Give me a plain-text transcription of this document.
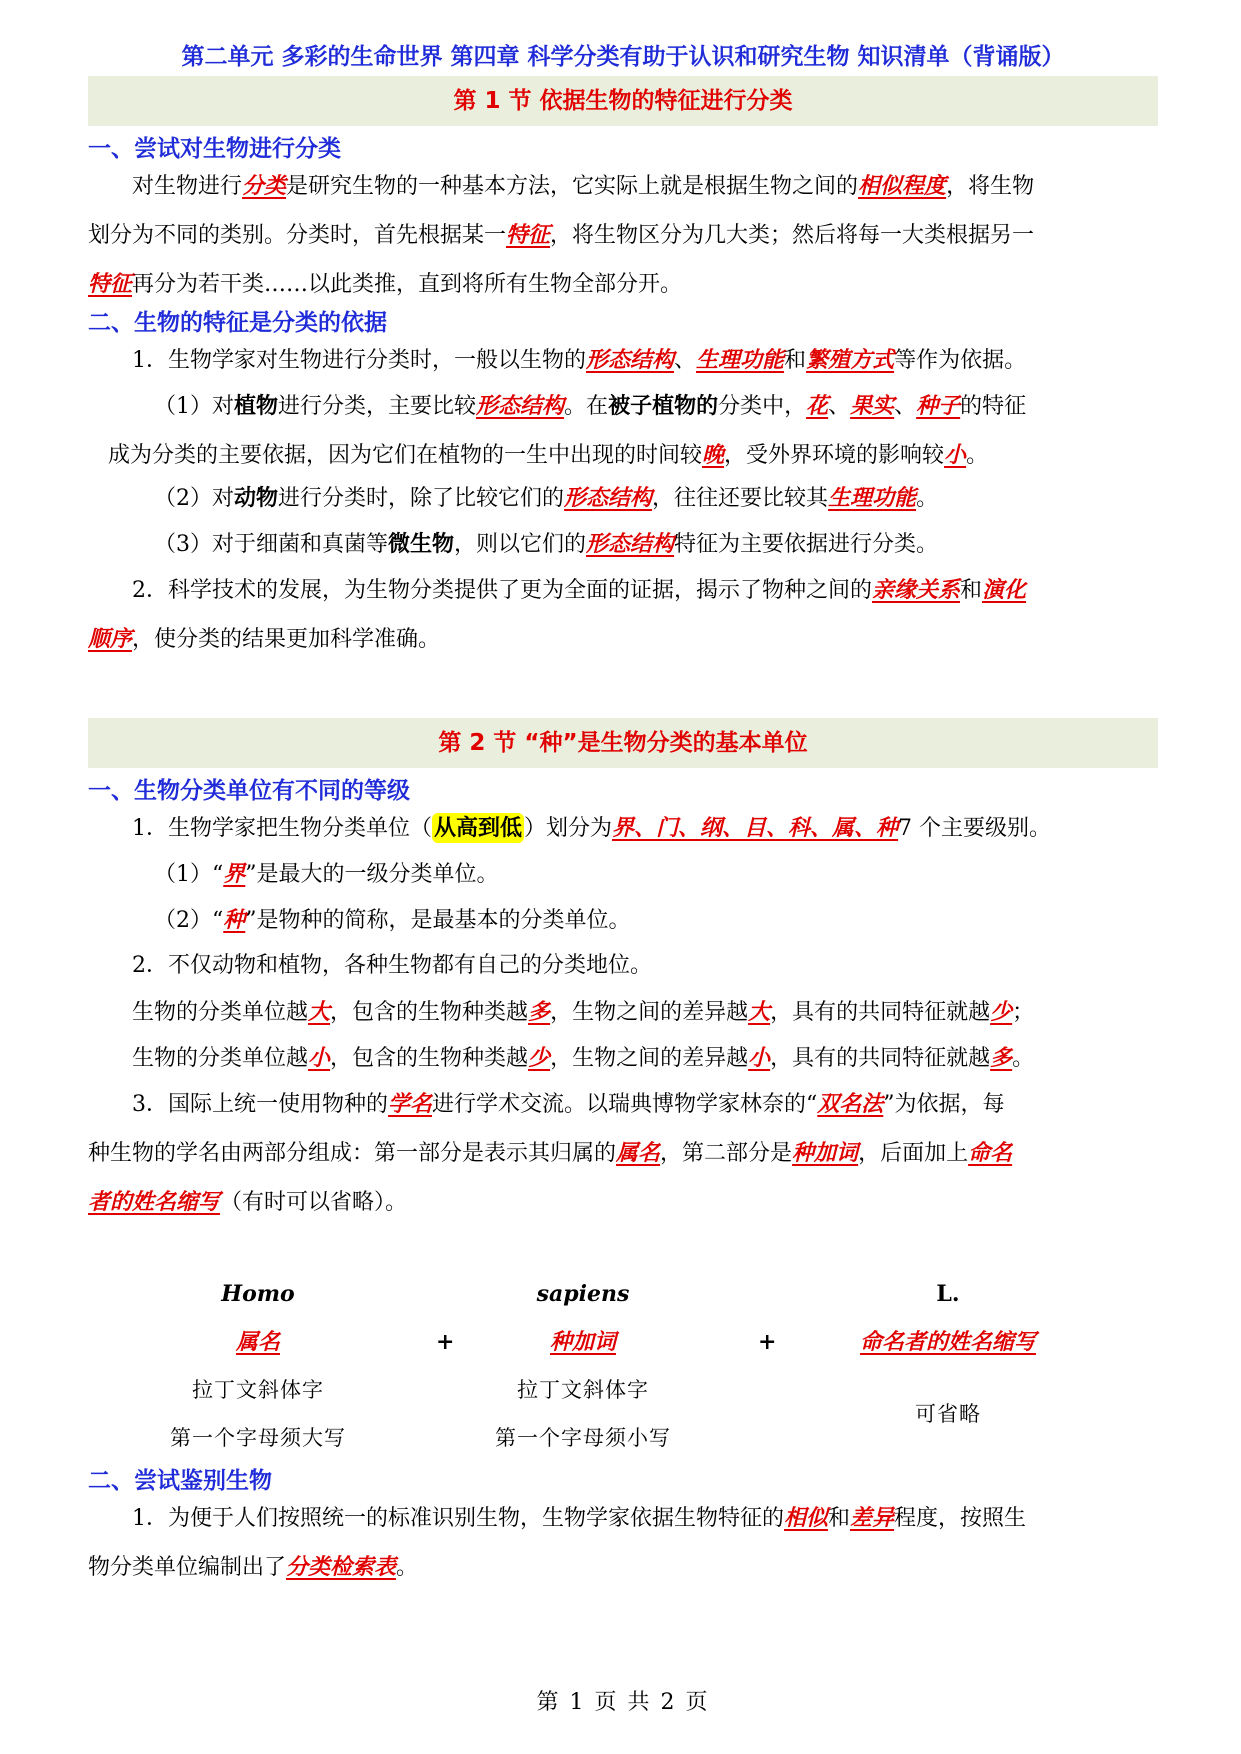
第二单元 多彩的生命世界 第四章 科学分类有助于认识和研究生物 知识清单（背诵版）
第 1 节 依据生物的特征进行分类
一、尝试对生物进行分类
对生物进行分类是研究生物的一种基本方法，它实际上就是根据生物之间的相似程度，将生物
划分为不同的类别。分类时，首先根据某一特征，将生物区分为几大类；然后将每一大类根据另一
特征再分为若干类……以此类推，直到将所有生物全部分开。
二、生物的特征是分类的依据
1．生物学家对生物进行分类时，一般以生物的形态结构、生理功能和繁殖方式等作为依据。
（1）对植物进行分类，主要比较形态结构。在被子植物的分类中，花、果实、种子的特征
成为分类的主要依据，因为它们在植物的一生中出现的时间较晚，受外界环境的影响较小。
（2）对动物进行分类时，除了比较它们的形态结构，往往还要比较其生理功能。
（3）对于细菌和真菌等微生物，则以它们的形态结构特征为主要依据进行分类。
2．科学技术的发展，为生物分类提供了更为全面的证据，揭示了物种之间的亲缘关系和演化
顺序，使分类的结果更加科学准确。
第 2 节 “种”是生物分类的基本单位
一、生物分类单位有不同的等级
1．生物学家把生物分类单位（从高到低）划分为界、门、纲、目、科、属、种7 个主要级别。
（1）“界”是最大的一级分类单位。
（2）“种”是物种的简称，是最基本的分类单位。
2．不仅动物和植物，各种生物都有自己的分类地位。
生物的分类单位越大，包含的生物种类越多，生物之间的差异越大，具有的共同特征就越少；
生物的分类单位越小，包含的生物种类越少，生物之间的差异越小，具有的共同特征就越多。
3．国际上统一使用物种的学名进行学术交流。以瑞典博物学家林奈的“双名法”为依据，每
种生物的学名由两部分组成：第一部分是表示其归属的属名，第二部分是种加词，后面加上命名
者的姓名缩写（有时可以省略）。
Homo
属名
拉丁文斜体字
第一个字母须大写
+
sapiens
种加词
拉丁文斜体字
第一个字母须小写
+
L.
命名者的姓名缩写
可省略
二、尝试鉴别生物
1．为便于人们按照统一的标准识别生物，生物学家依据生物特征的相似和差异程度，按照生
物分类单位编制出了分类检索表。
第 1 页 共 2 页
